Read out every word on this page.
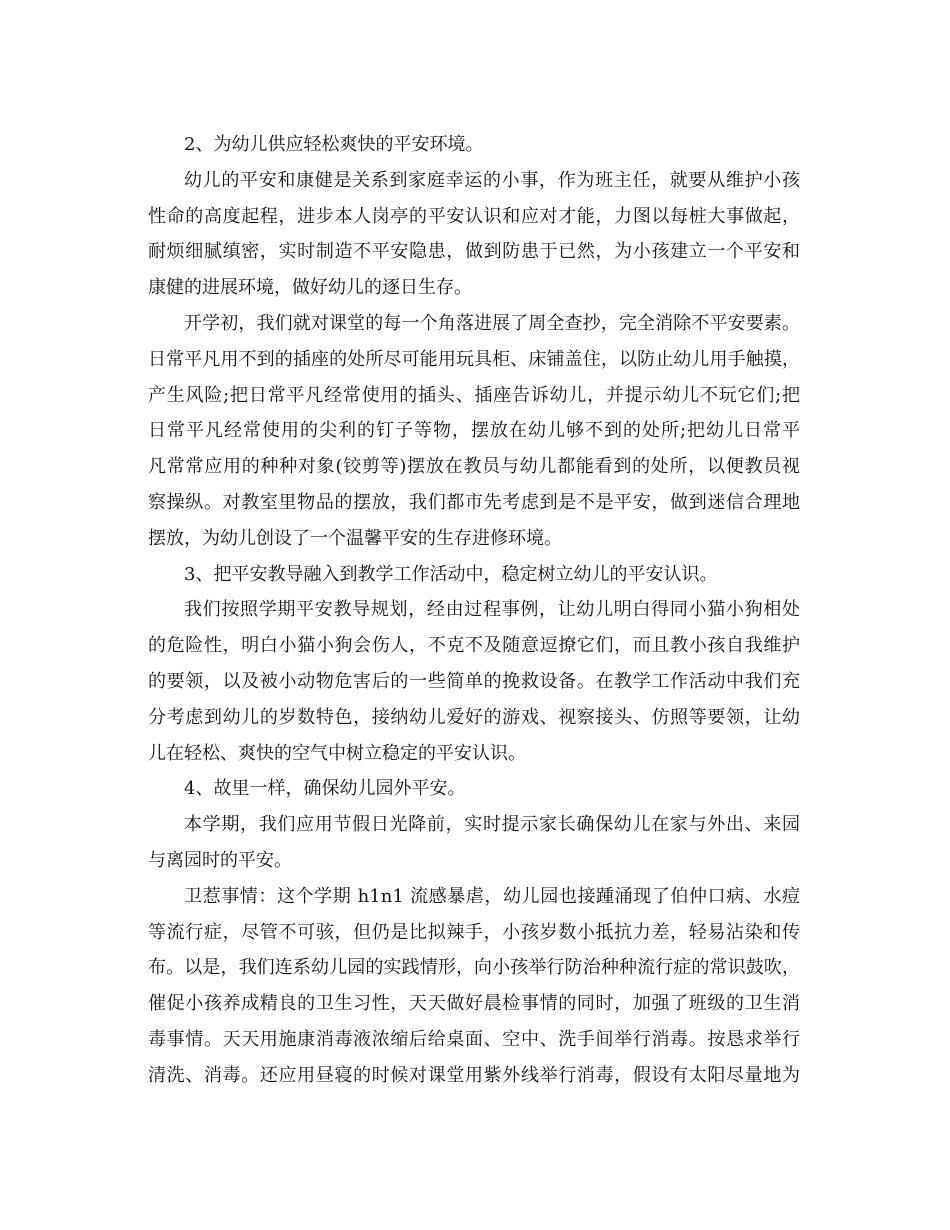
2、为幼儿供应轻松爽快的平安环境。
幼儿的平安和康健是关系到家庭幸运的小事，作为班主任，就要从维护小孩
性命的高度起程，进步本人岗亭的平安认识和应对才能，力图以每桩大事做起，
耐烦细腻缜密，实时制造不平安隐患，做到防患于已然，为小孩建立一个平安和
康健的进展环境，做好幼儿的逐日生存。
开学初，我们就对课堂的每一个角落进展了周全查抄，完全消除不平安要素。
日常平凡用不到的插座的处所尽可能用玩具柜、床铺盖住，以防止幼儿用手触摸，
产生风险;把日常平凡经常使用的插头、插座告诉幼儿，并提示幼儿不玩它们;把
日常平凡经常使用的尖利的钉子等物，摆放在幼儿够不到的处所;把幼儿日常平
凡常常应用的种种对象(铰剪等)摆放在教员与幼儿都能看到的处所，以便教员视
察操纵。对教室里物品的摆放，我们都市先考虑到是不是平安，做到迷信合理地
摆放，为幼儿创设了一个温馨平安的生存进修环境。
3、把平安教导融入到教学工作活动中，稳定树立幼儿的平安认识。
我们按照学期平安教导规划，经由过程事例，让幼儿明白得同小猫小狗相处
的危险性，明白小猫小狗会伤人，不克不及随意逗撩它们，而且教小孩自我维护
的要领，以及被小动物危害后的一些简单的挽救设备。在教学工作活动中我们充
分考虑到幼儿的岁数特色，接纳幼儿爱好的游戏、视察接头、仿照等要领，让幼
儿在轻松、爽快的空气中树立稳定的平安认识。
4、故里一样，确保幼儿园外平安。
本学期，我们应用节假日光降前，实时提示家长确保幼儿在家与外出、来园
与离园时的平安。
卫惹事情：这个学期 h1n1 流感暴虐，幼儿园也接踵涌现了伯仲口病、水痘
等流行症，尽管不可骇，但仍是比拟辣手，小孩岁数小抵抗力差，轻易沾染和传
布。以是，我们连系幼儿园的实践情形，向小孩举行防治种种流行症的常识鼓吹，
催促小孩养成精良的卫生习性，天天做好晨检事情的同时，加强了班级的卫生消
毒事情。天天用施康消毒液浓缩后给桌面、空中、洗手间举行消毒。按恳求举行
清洗、消毒。还应用昼寝的时候对课堂用紫外线举行消毒，假设有太阳尽量地为
